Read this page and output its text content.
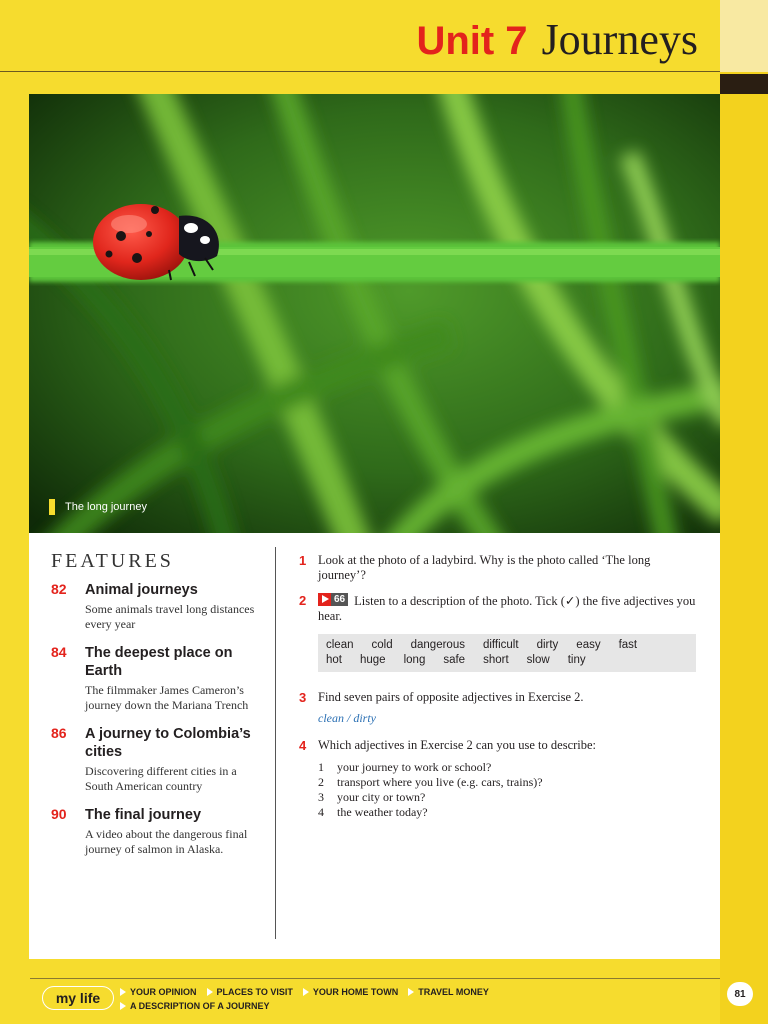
Unit 7 Journeys
The long journey
FEATURES
82 Animal journeys
Some animals travel long distances every year
84 The deepest place on Earth
The filmmaker James Cameron’s journey down the Mariana Trench
86 A journey to Colombia’s cities
Discovering different cities in a South American country
90 The final journey
A video about the dangerous final journey of salmon in Alaska.
1 Look at the photo of a ladybird. Why is the photo called ‘The long journey’?
2	66 Listen to a description of the photo. Tick (✓) the five adjectives you hear.
clean cold dangerous difficult dirty easy fast
hot huge long safe short slow tiny
3 Find seven pairs of opposite adjectives in Exercise 2.
clean / dirty
4 Which adjectives in Exercise 2 can you use to describe:
1 your journey to work or school?
2 transport where you live (e.g. cars, trains)?
3 your city or town?
4 the weather today?
my life	YOUR OPINION PLACES TO VISIT YOUR HOME TOWN TRAVEL MONEY
A DESCRIPTION OF A JOURNEY
81
